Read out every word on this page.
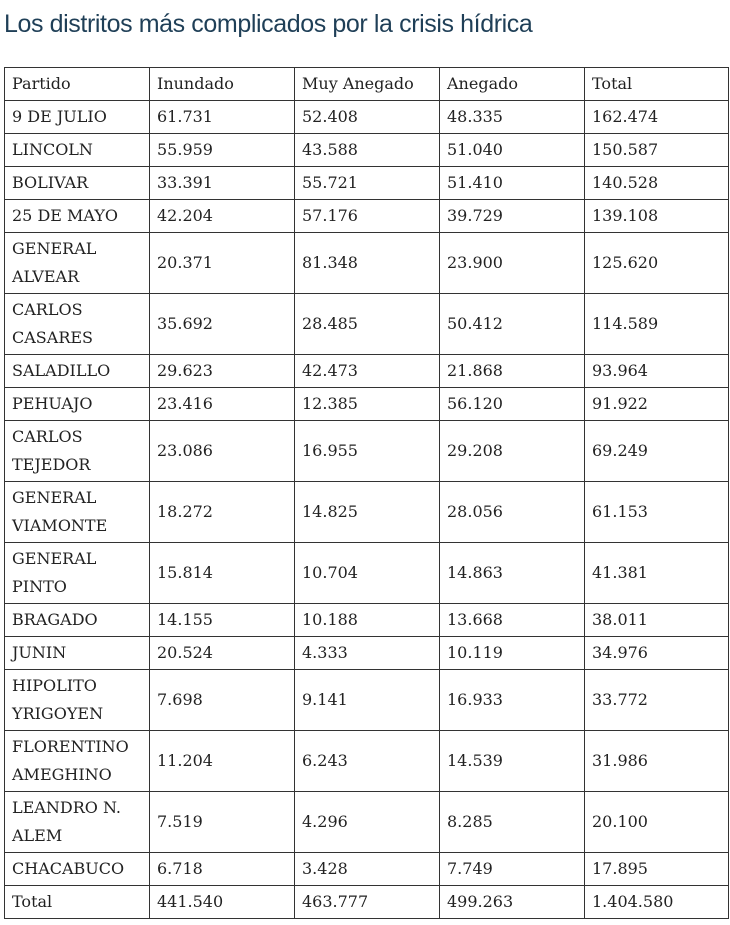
Los distritos más complicados por la crisis hídrica
Partido	Inundado	Muy Anegado	Anegado	Total
9 DE JULIO	61.731	52.408	48.335	162.474
LINCOLN	55.959	43.588	51.040	150.587
BOLIVAR	33.391	55.721	51.410	140.528
25 DE MAYO	42.204	57.176	39.729	139.108
GENERAL ALVEAR	20.371	81.348	23.900	125.620
CARLOS CASARES	35.692	28.485	50.412	114.589
SALADILLO	29.623	42.473	21.868	93.964
PEHUAJO	23.416	12.385	56.120	91.922
CARLOS TEJEDOR	23.086	16.955	29.208	69.249
GENERAL VIAMONTE	18.272	14.825	28.056	61.153
GENERAL PINTO	15.814	10.704	14.863	41.381
BRAGADO	14.155	10.188	13.668	38.011
JUNIN	20.524	4.333	10.119	34.976
HIPOLITO YRIGOYEN	7.698	9.141	16.933	33.772
FLORENTINO AMEGHINO	11.204	6.243	14.539	31.986
LEANDRO N. ALEM	7.519	4.296	8.285	20.100
CHACABUCO	6.718	3.428	7.749	17.895
Total	441.540	463.777	499.263	1.404.580
